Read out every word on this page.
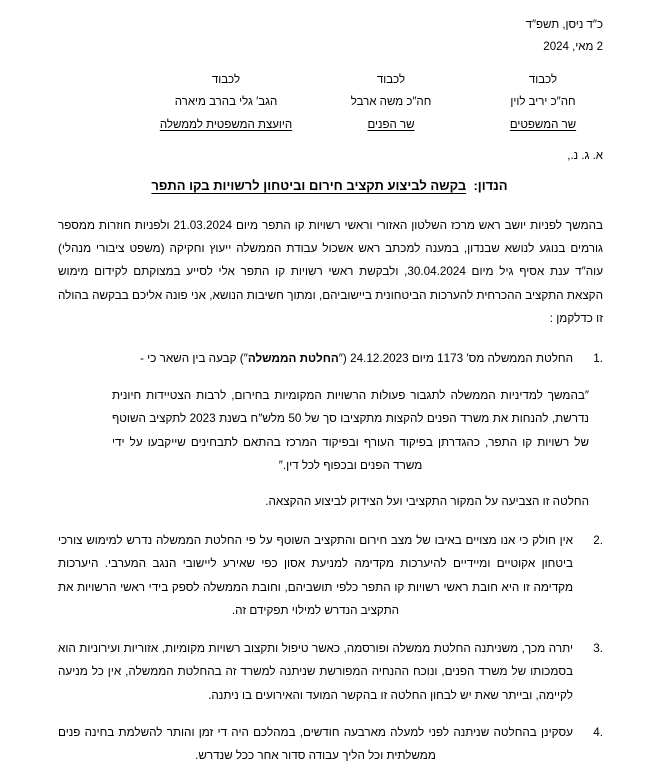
כ″ד ניסן, תשפ″ד
2 מאי, 2024
לכבוד
חה″כ יריב לוין
שר המשפטים
לכבוד
חה″כ משה ארבל
שר הפנים
לכבוד
הגב′ גלי בהרב מיארה
היועצת המשפטית לממשלה
א. ג. נ.,
הנדון:  בקשה לביצוע תקציב חירום וביטחון לרשויות בקו התפר
בהמשך לפניות יושב ראש מרכז השלטון האזורי וראשי רשויות קו התפר מיום 21.03.2024 ולפניות חוזרות ממספר גורמים בנוגע לנושא שבנדון, במענה למכתב ראש אשכול עבודת הממשלה ייעוץ וחקיקה (משפט ציבורי מנהלי) עוה″ד ענת אסיף גיל מיום 30.04.2024, ולבקשת ראשי רשויות קו התפר אלי לסייע במצוקתם לקידום מימוש הקצאת התקציב ההכרחית להערכות הביטחונית ביישוביהם, ומתוך חשיבות הנושא, אני פונה אליכם בבקשה בהולה זו כדלקמן :
1.
החלטת הממשלה מס′ 1173 מיום 24.12.2023 (″החלטת הממשלה″) קבעה בין השאר כי -
″בהמשך למדיניות הממשלה לתגבור פעולות הרשויות המקומיות בחירום, לרבות הצטיידות חיונית נדרשת, להנחות את משרד הפנים להקצות מתקציבו סך של 50 מלש″ח בשנת 2023 לתקציב השוטף של רשויות קו התפר, כהגדרתן בפיקוד העורף ובפיקוד המרכז בהתאם לתבחינים שייקבעו על ידי משרד הפנים ובכפוף לכל דין.″
החלטה זו הצביעה על המקור התקציבי ועל הצידוק לביצוע ההקצאה.
2.
אין חולק כי אנו מצויים באיבו של מצב חירום והתקציב השוטף על פי החלטת הממשלה נדרש למימוש צורכי ביטחון אקוטיים ומיידיים להיערכות מקדימה למניעת אסון כפי שאירע ליישובי הנגב המערבי. היערכות מקדימה זו היא חובת ראשי רשויות קו התפר כלפי תושביהם, וחובת הממשלה לספק בידי ראשי הרשויות את התקציב הנדרש למילוי תפקידם זה.
3.
יתרה מכך, משניתנה החלטת ממשלה ופורסמה, כאשר טיפול ותקצוב רשויות מקומיות, אזוריות ועירוניות הוא בסמכותו של משרד הפנים, ונוכח ההנחיה המפורשת שניתנה למשרד זה בהחלטת הממשלה, אין כל מניעה לקיימה, ובייתר שאת יש לבחון החלטה זו בהקשר המועד והאירועים בו ניתנה.
4.
עסקינן בהחלטה שניתנה לפני למעלה מארבעה חודשים, במהלכם היה די זמן והותר להשלמת בחינה פנים ממשלתית וכל הליך עבודה סדור אחר ככל שנדרש.
